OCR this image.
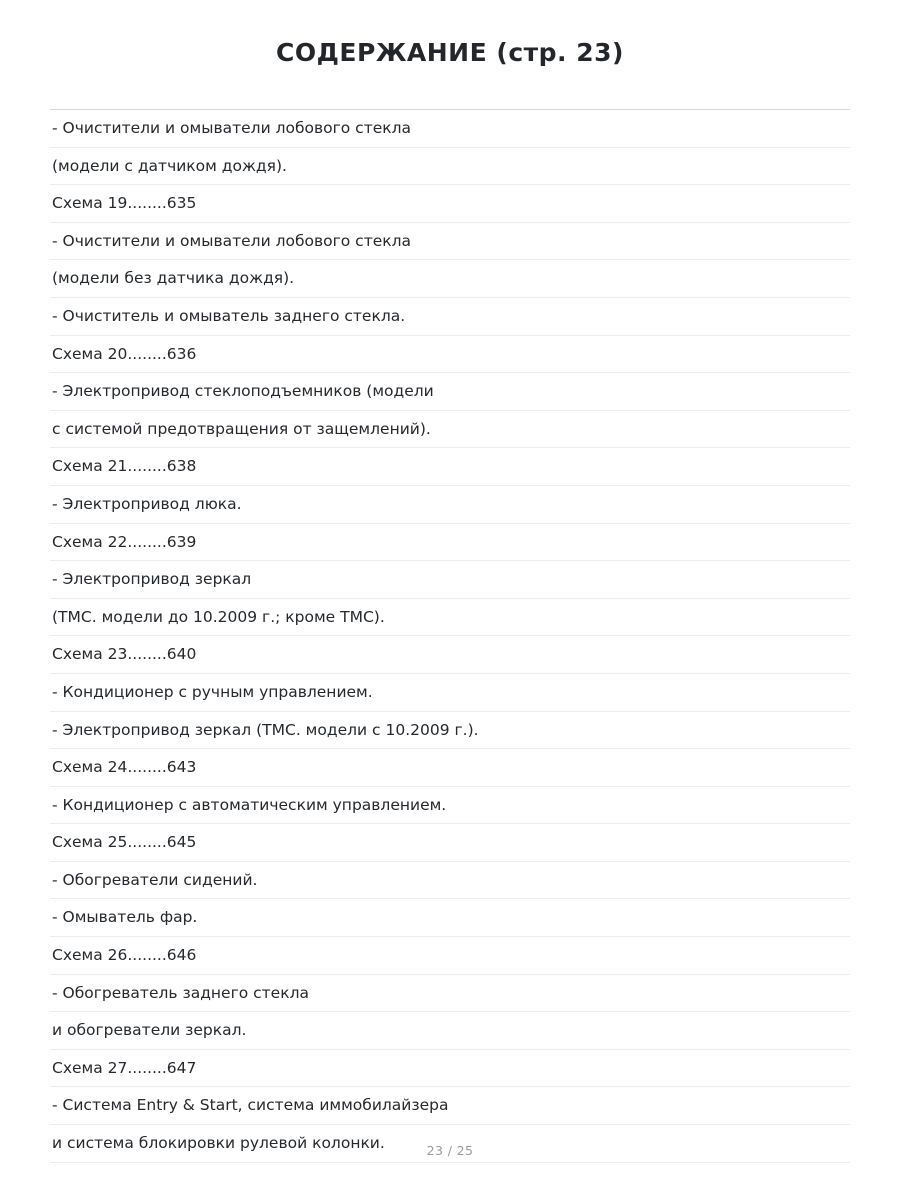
СОДЕРЖАНИЕ (стр. 23)
- Очистители и омыватели лобового стекла
(модели с датчиком дождя).
Схема 19........635
- Очистители и омыватели лобового стекла
(модели без датчика дождя).
- Очиститель и омыватель заднего стекла.
Схема 20........636
- Электропривод стеклоподъемников (модели
с системой предотвращения от защемлений).
Схема 21........638
- Электропривод люка.
Схема 22........639
- Электропривод зеркал
(TMC. модели до 10.2009 г.; кроме TMC).
Схема 23........640
- Кондиционер с ручным управлением.
- Электропривод зеркал (TMC. модели с 10.2009 г.).
Схема 24........643
- Кондиционер с автоматическим управлением.
Схема 25........645
- Обогреватели сидений.
- Омыватель фар.
Схема 26........646
- Обогреватель заднего стекла
и обогреватели зеркал.
Схема 27........647
- Система Entry & Start, система иммобилайзера
и система блокировки рулевой колонки.	23 / 25
